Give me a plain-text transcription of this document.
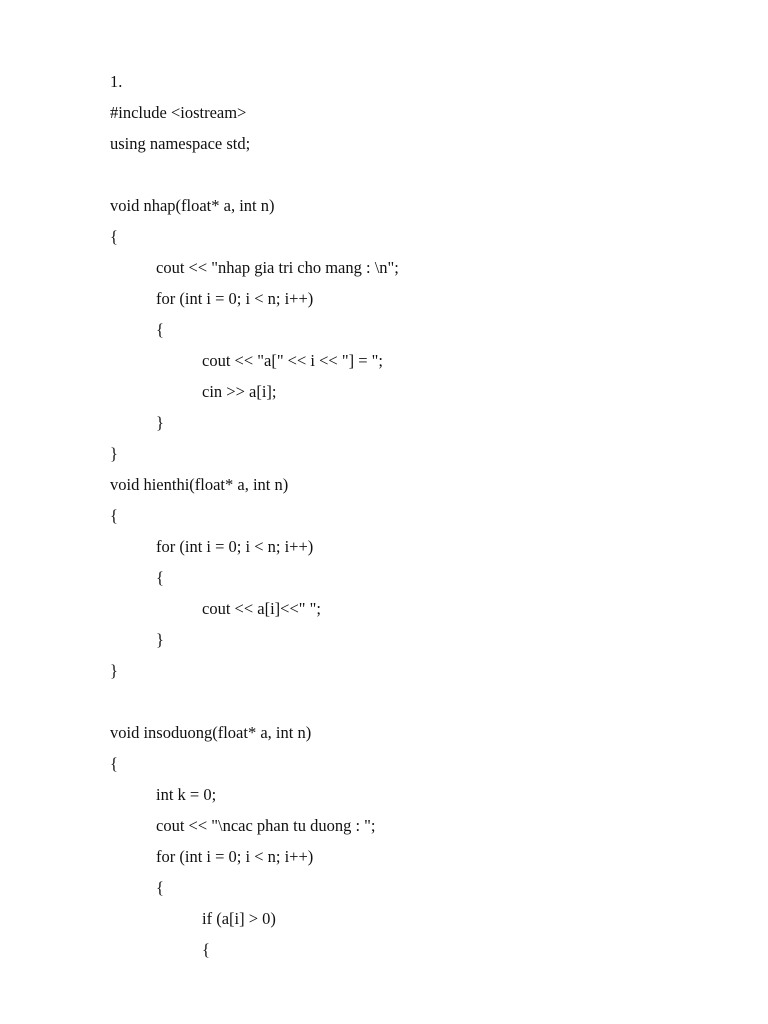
1.
#include <iostream>
using namespace std;
void nhap(float* a, int n)
{
cout << "nhap gia tri cho mang : \n";
for (int i = 0; i < n; i++)
{
cout << "a[" << i << "] = ";
cin >> a[i];
}
}
void hienthi(float* a, int n)
{
for (int i = 0; i < n; i++)
{
cout << a[i]<<" ";
}
}
void insoduong(float* a, int n)
{
int k = 0;
cout << "\ncac phan tu duong : ";
for (int i = 0; i < n; i++)
{
if (a[i] > 0)
{
